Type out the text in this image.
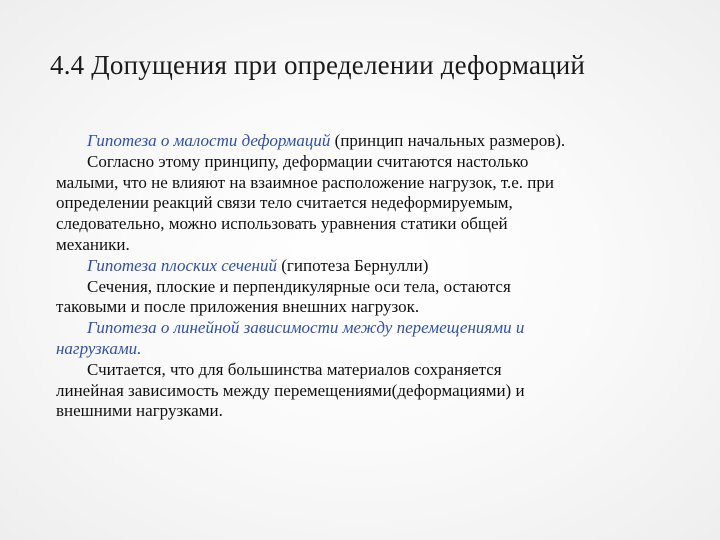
4.4 Допущения при определении деформаций
Гипотеза о малости деформаций (принцип начальных размеров).
Согласно этому принципу, деформации считаются настолько
малыми, что не влияют на взаимное расположение нагрузок, т.е. при
определении реакций связи тело считается недеформируемым,
следовательно, можно использовать уравнения статики общей
механики.
Гипотеза плоских сечений (гипотеза Бернулли)
Сечения, плоские и перпендикулярные оси тела, остаются
таковыми и после приложения внешних нагрузок.
Гипотеза о линейной зависимости между перемещениями и
нагрузками.
Считается, что для большинства материалов сохраняется
линейная зависимость между перемещениями(деформациями) и
внешними нагрузками.
